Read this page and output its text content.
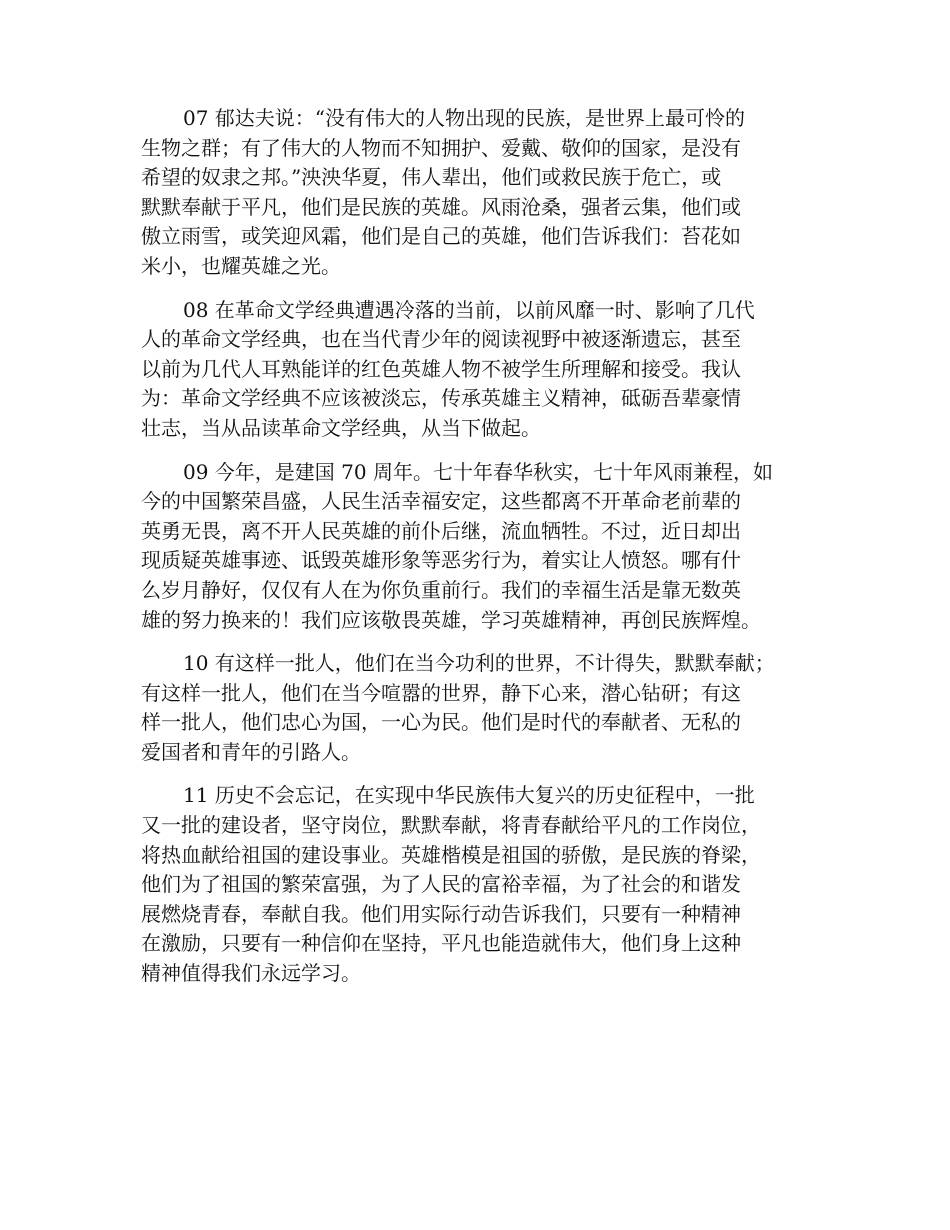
07 郁达夫说：“没有伟大的人物出现的民族，是世界上最可怜的
生物之群；有了伟大的人物而不知拥护、爱戴、敬仰的国家，是没有
希望的奴隶之邦。”泱泱华夏，伟人辈出，他们或救民族于危亡，或
默默奉献于平凡，他们是民族的英雄。风雨沧桑，强者云集，他们或
傲立雨雪，或笑迎风霜，他们是自己的英雄，他们告诉我们：苔花如
米小，也耀英雄之光。
08 在革命文学经典遭遇冷落的当前，以前风靡一时、影响了几代
人的革命文学经典，也在当代青少年的阅读视野中被逐渐遗忘，甚至
以前为几代人耳熟能详的红色英雄人物不被学生所理解和接受。我认
为：革命文学经典不应该被淡忘，传承英雄主义精神，砥砺吾辈豪情
壮志，当从品读革命文学经典，从当下做起。
09 今年，是建国 70 周年。七十年春华秋实，七十年风雨兼程，如
今的中国繁荣昌盛，人民生活幸福安定，这些都离不开革命老前辈的
英勇无畏，离不开人民英雄的前仆后继，流血牺牲。不过，近日却出
现质疑英雄事迹、诋毁英雄形象等恶劣行为，着实让人愤怒。哪有什
么岁月静好，仅仅有人在为你负重前行。我们的幸福生活是靠无数英
雄的努力换来的！我们应该敬畏英雄，学习英雄精神，再创民族辉煌。
10 有这样一批人，他们在当今功利的世界，不计得失，默默奉献；
有这样一批人，他们在当今喧嚣的世界，静下心来，潜心钻研；有这
样一批人，他们忠心为国，一心为民。他们是时代的奉献者、无私的
爱国者和青年的引路人。
11 历史不会忘记，在实现中华民族伟大复兴的历史征程中，一批
又一批的建设者，坚守岗位，默默奉献，将青春献给平凡的工作岗位，
将热血献给祖国的建设事业。英雄楷模是祖国的骄傲，是民族的脊梁，
他们为了祖国的繁荣富强，为了人民的富裕幸福，为了社会的和谐发
展燃烧青春，奉献自我。他们用实际行动告诉我们，只要有一种精神
在激励，只要有一种信仰在坚持，平凡也能造就伟大，他们身上这种
精神值得我们永远学习。
